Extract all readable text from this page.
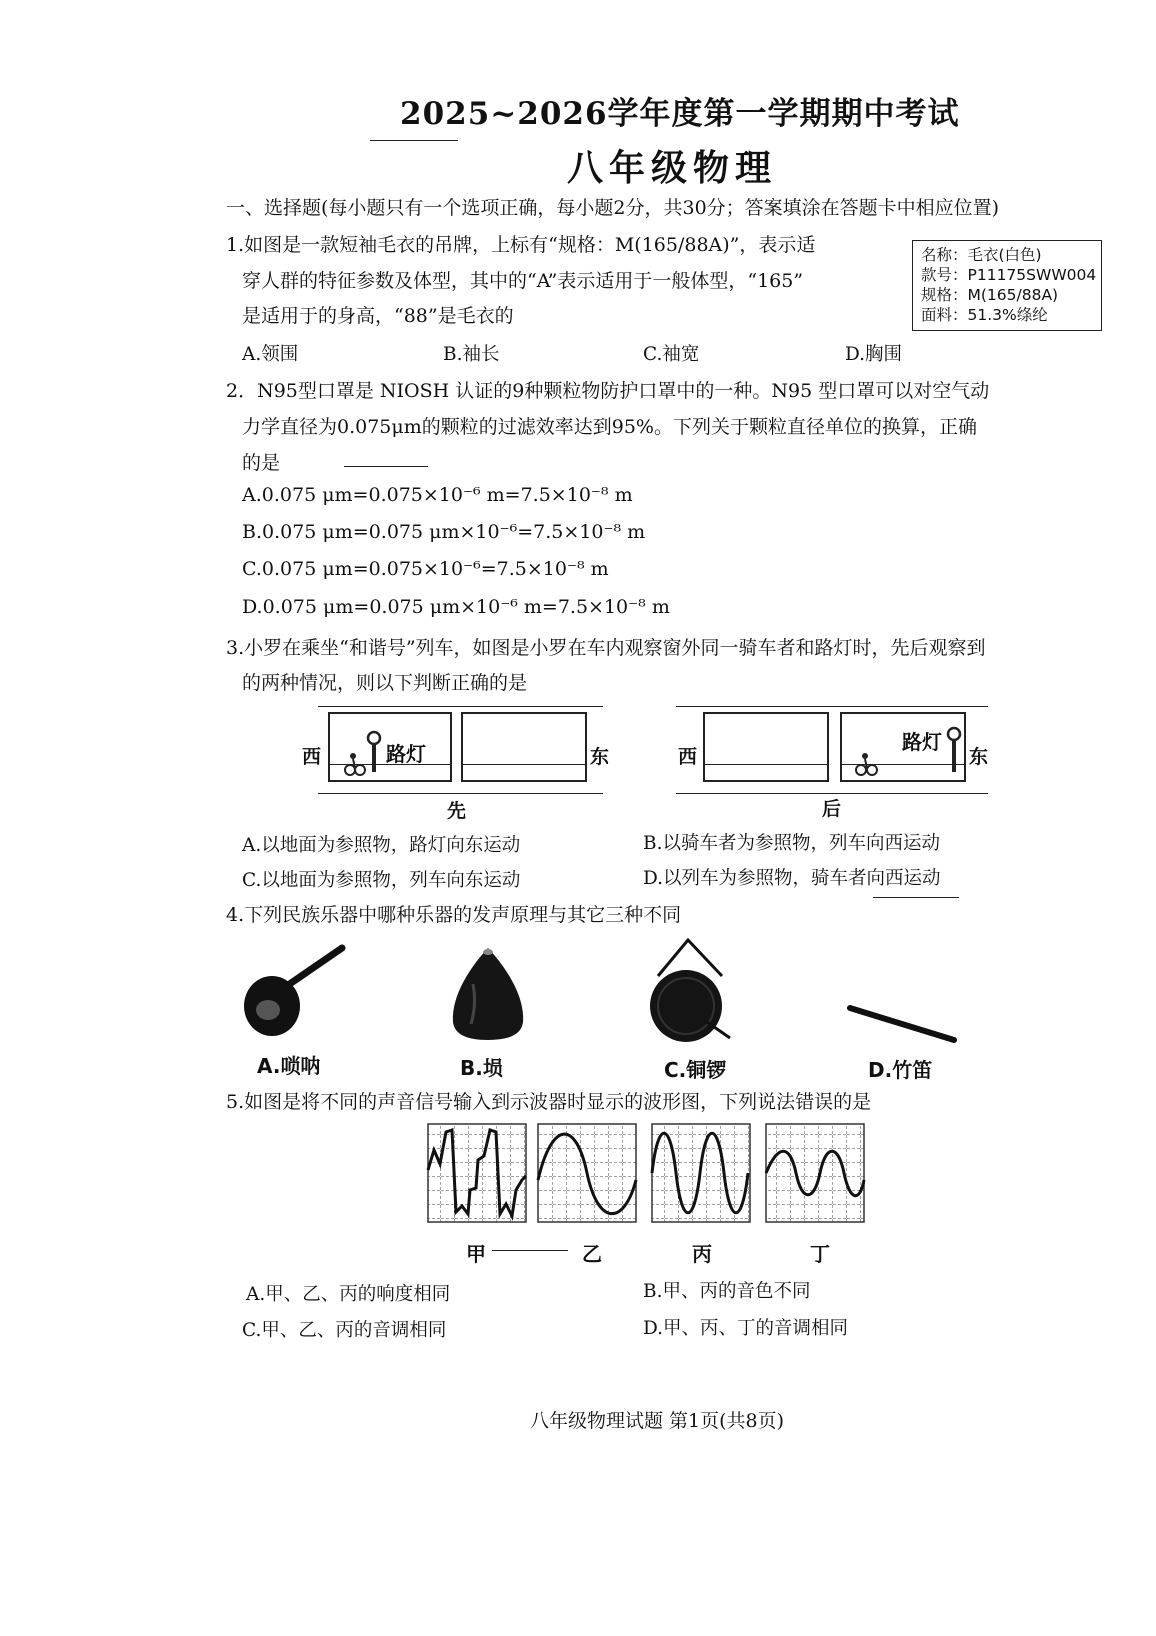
2025~2026学年度第一学期期中考试
八年级物理
一、选择题(每小题只有一个选项正确，每小题2分，共30分；答案填涂在答题卡中相应位置)
1.如图是一款短袖毛衣的吊牌，上标有“规格：M(165/88A)”，表示适
穿人群的特征参数及体型，其中的“A”表示适用于一般体型，“165”
是适用于的身高，“88”是毛衣的
名称：毛衣(白色)
款号：P11175SWW004
规格：M(165/88A)
面料：51.3%绦纶
A.领围	B.袖长	C.袖宽	D.胸围
2．N95型口罩是 NIOSH 认证的9种颗粒物防护口罩中的一种。N95 型口罩可以对空气动
力学直径为0.075μm的颗粒的过滤效率达到95%。下列关于颗粒直径单位的换算，正确
的是
A.0.075 μm=0.075×10⁻⁶ m=7.5×10⁻⁸ m
B.0.075 μm=0.075 μm×10⁻⁶=7.5×10⁻⁸ m
C.0.075 μm=0.075×10⁻⁶=7.5×10⁻⁸ m
D.0.075 μm=0.075 μm×10⁻⁶ m=7.5×10⁻⁸ m
3.小罗在乘坐“和谐号”列车，如图是小罗在车内观察窗外同一骑车者和路灯时，先后观察到
的两种情况，则以下判断正确的是
路灯
西	东
先
路灯
西	东
后
A.以地面为参照物，路灯向东运动	B.以骑车者为参照物，列车向西运动
C.以地面为参照物，列车向东运动	D.以列车为参照物，骑车者向西运动
4.下列民族乐器中哪种乐器的发声原理与其它三种不同
A.唢呐	B.埙	C.铜锣	D.竹笛
5.如图是将不同的声音信号输入到示波器时显示的波形图，下列说法错误的是
甲	乙	丙	丁
A.甲、乙、丙的响度相同	B.甲、丙的音色不同
C.甲、乙、丙的音调相同	D.甲、丙、丁的音调相同
八年级物理试题 第1页(共8页)
